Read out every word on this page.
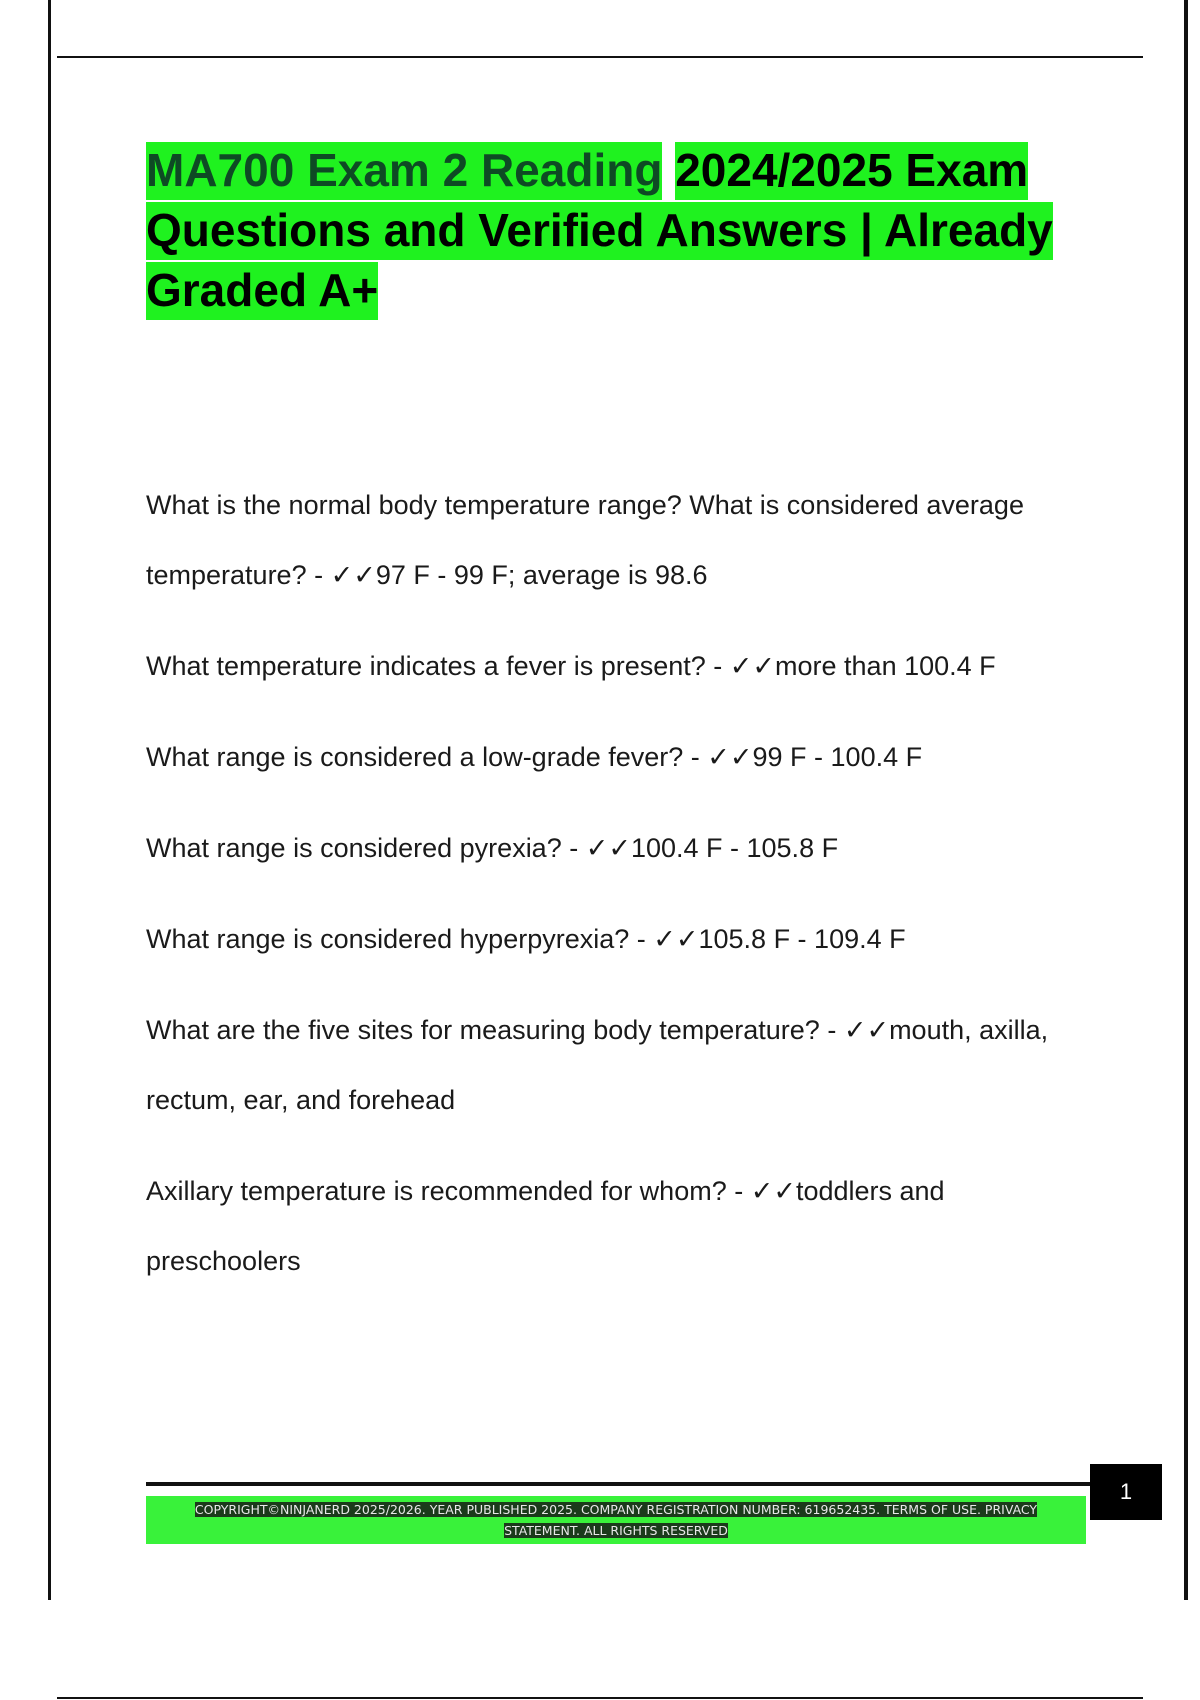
MA700 Exam 2 Reading 2024/2025 Exam Questions and Verified Answers | Already Graded A+
What is the normal body temperature range? What is considered average temperature? - ✓✓97 F - 99 F; average is 98.6
What temperature indicates a fever is present? - ✓✓more than 100.4 F
What range is considered a low-grade fever? - ✓✓99 F - 100.4 F
What range is considered pyrexia? - ✓✓100.4 F - 105.8 F
What range is considered hyperpyrexia? - ✓✓105.8 F - 109.4 F
What are the five sites for measuring body temperature? - ✓✓mouth, axilla, rectum, ear, and forehead
Axillary temperature is recommended for whom? - ✓✓toddlers and preschoolers
1
COPYRIGHT©NINJANERD 2025/2026. YEAR PUBLISHED 2025. COMPANY REGISTRATION NUMBER: 619652435. TERMS OF USE. PRIVACY STATEMENT. ALL RIGHTS RESERVED
